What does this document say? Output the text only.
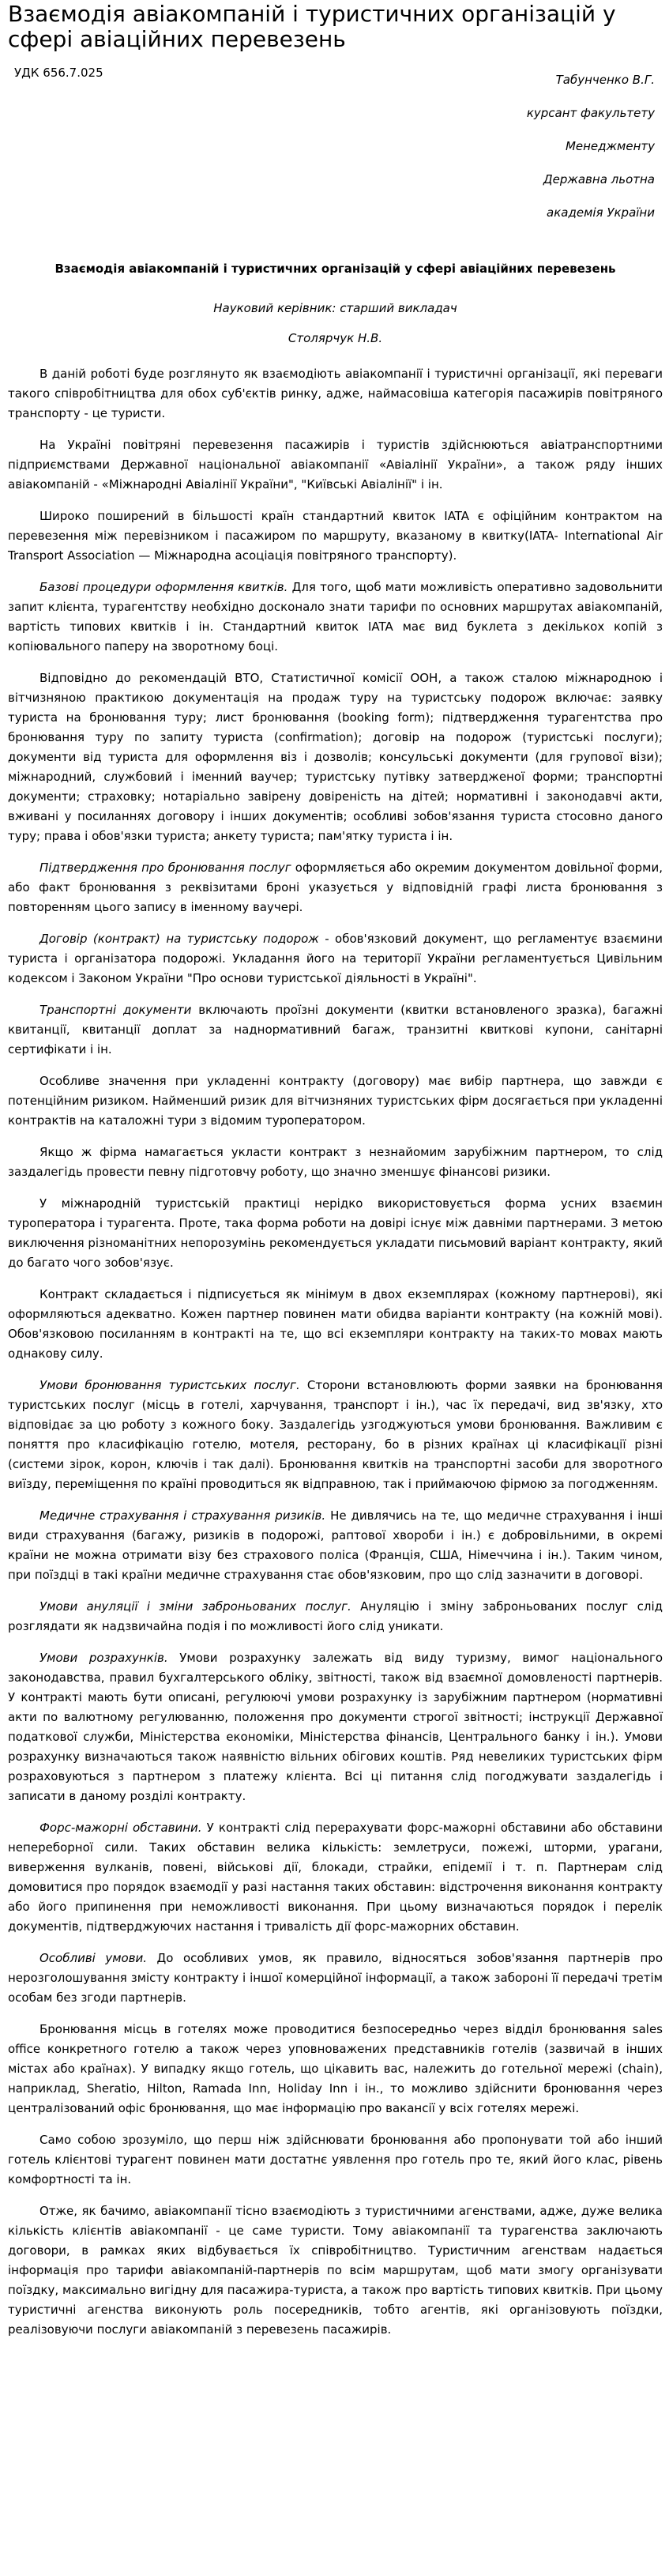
Взаємодія авіакомпаній і туристичних організацій у сфері авіаційних перевезень
УДК 656.7.025	Табунченко В.Г.
курсант факультету
Менеджменту
Державна льотна
академія України
Взаємодія авіакомпаній і туристичних організацій у сфері авіаційних перевезень

Науковий керівник: старший викладач

Столярчук Н.В.

В даній роботі буде розглянуто як взаємодіють авіакомпанії і туристичні організації, які переваги такого співробітництва для обох суб'єктів ринку, адже, наймасовіша категорія пасажирів повітряного транспорту - це туристи.

На Україні повітряні перевезення пасажирів і туристів здійснюються авіатранспортними підприємствами Державної національної авіакомпанії «Авіалінії України», а також ряду інших авіакомпаній - «Міжнародні Авіалінії України", "Київські Авіалінії" і ін.

Широко поширений в більшості країн стандартний квиток IATA є офіційним контрактом на перевезення між перевізником і пасажиром по маршруту, вказаному в квитку(IATA- International Air Transport Association — Міжнародна асоціація повітряного транспорту).

Базові процедури оформлення квитків. Для того, щоб мати можливість оперативно задовольнити запит клієнта, турагентству необхідно досконало знати тарифи по основних маршрутах авіакомпаній, вартість типових квитків і ін. Стандартний квиток IATA має вид буклета з декількох копій з копіювального паперу на зворотному боці.

Відповідно до рекомендацій ВТО, Статистичної комісії ООН, а також сталою міжнародною і вітчизняною практикою документація на продаж туру на туристську подорож включає: заявку туриста на бронювання туру; лист бронювання (booking form); підтвердження турагентства про бронювання туру по запиту туриста (confirmation); договір на подорож (туристські послуги); документи від туриста для оформлення віз і дозволів; консульські документи (для групової візи); міжнародний, службовий і іменний ваучер; туристську путівку затвердженої форми; транспортні документи; страховку; нотаріально завірену довіреність на дітей; нормативні і законодавчі акти, вживані у посиланнях договору і інших документів; особливі зобов'язання туриста стосовно даного туру; права і обов'язки туриста; анкету туриста; пам'ятку туриста і ін.

Підтвердження про бронювання послуг оформляється або окремим документом довільної форми, або факт бронювання з реквізитами броні указується у відповідній графі листа бронювання з повторенням цього запису в іменному ваучері.

Договір (контракт) на туристську подорож - обов'язковий документ, що регламентує взаємини туриста і організатора подорожі. Укладання його на території України регламентується Цивільним кодексом і Законом України "Про основи туристської діяльності в Україні".

Транспортні документи включають проїзні документи (квитки встановленого зразка), багажні квитанції, квитанції доплат за наднормативний багаж, транзитні квиткові купони, санітарні сертифікати і ін.

Особливе значення при укладенні контракту (договору) має вибір партнера, що завжди є потенційним ризиком. Найменший ризик для вітчизняних туристських фірм досягається при укладенні контрактів на каталожні тури з відомим туроператором.

Якщо ж фірма намагається укласти контракт з незнайомим зарубіжним партнером, то слід заздалегідь провести певну підготовчу роботу, що значно зменшує фінансові ризики.

У міжнародній туристській практиці нерідко використовується форма усних взаємин туроператора і турагента. Проте, така форма роботи на довірі існує між давніми партнерами. З метою виключення різноманітних непорозумінь рекомендується укладати письмовий варіант контракту, який до багато чого зобов'язує.

Контракт складається і підписується як мінімум в двох екземплярах (кожному партнерові), які оформляються адекватно. Кожен партнер повинен мати обидва варіанти контракту (на кожній мові). Обов'язковою посиланням в контракті на те, що всі екземпляри контракту на таких-то мовах мають однакову силу.

Умови бронювання туристських послуг. Сторони встановлюють форми заявки на бронювання туристських послуг (місць в готелі, харчування, транспорт і ін.), час їх передачі, вид зв'язку, хто відповідає за цю роботу з кожного боку. Заздалегідь узгоджуються умови бронювання. Важливим є поняття про класифікацію готелю, мотеля, ресторану, бо в різних країнах ці класифікації різні (системи зірок, корон, ключів і так далі). Бронювання квитків на транспортні засоби для зворотного виїзду, переміщення по країні проводиться як відправною, так і приймаючою фірмою за погодженням.

Медичне страхування і страхування ризиків. Не дивлячись на те, що медичне страхування і інші види страхування (багажу, ризиків в подорожі, раптової хвороби і ін.) є добровільними, в окремі країни не можна отримати візу без страхового поліса (Франція, США, Німеччина і ін.). Таким чином, при поїздці в такі країни медичне страхування стає обов'язковим, про що слід зазначити в договорі.

Умови ануляції і зміни заброньованих послуг. Ануляцію і зміну заброньованих послуг слід розглядати як надзвичайна подія і по можливості його слід уникати.

Умови розрахунків. Умови розрахунку залежать від виду туризму, вимог національного законодавства, правил бухгалтерського обліку, звітності, також від взаємної домовленості партнерів. У контракті мають бути описані, регулюючі умови розрахунку із зарубіжним партнером (нормативні акти по валютному регулюванню, положення про документи строгої звітності; інструкції Державної податкової служби, Міністерства економіки, Міністерства фінансів, Центрального банку і ін.). Умови розрахунку визначаються також наявністю вільних обігових коштів. Ряд невеликих туристських фірм розраховуються з партнером з платежу клієнта. Всі ці питання слід погоджувати заздалегідь і записати в даному розділі контракту.

Форс-мажорні обставини. У контракті слід перерахувати форс-мажорні обставини або обставини непереборної сили. Таких обставин велика кількість: землетруси, пожежі, шторми, урагани, виверження вулканів, повені, військові дії, блокади, страйки, епідемії і т. п. Партнерам слід домовитися про порядок взаємодії у разі настання таких обставин: відстрочення виконання контракту або його припинення при неможливості виконання. При цьому визначаються порядок і перелік документів, підтверджуючих настання і тривалість дії форс-мажорних обставин.

Особливі умови. До особливих умов, як правило, відносяться зобов'язання партнерів про нерозголошування змісту контракту і іншої комерційної інформації, а також заборонi її передачі третім особам без згоди партнерів.

Бронювання місць в готелях може проводитися безпосередньо через відділ бронювання sales office конкретного готелю а також через уповноважених представників готелів (зазвичай в інших містах або країнах). У випадку якщо готель, що цікавить вас, належить до готельної мережі (chain), наприклад, Sheratio, Hilton, Ramada Inn, Holiday Inn і ін., то можливо здійснити бронювання через централізований офіс бронювання, що має інформацію про вакансії у всіх готелях мережі.

Само собою зрозуміло, що перш ніж здійснювати бронювання або пропонувати той або інший готель клієнтові турагент повинен мати достатнє уявлення про готель про те, який його клас, рівень комфортності та ін.

Отже, як бачимо, авіакомпанії тісно взаємодіють з туристичними агенствами, адже, дуже велика кількість клієнтів авіакомпанії - це саме туристи. Тому авіакомпанії та турагенства заключають договори, в рамках яких відбувається їх співробітництво. Туристичним агенствам надається інформація про тарифи авіакомпаній-партнерів по всім маршрутам, щоб мати змогу організувати поїздку, максимально вигідну для пасажира-туриста, а також про вартість типових квитків. При цьому туристичні агенства виконують роль посередників, тобто агентів, які організовують поїздки, реалізовуючи послуги авіакомпаній з перевезень пасажирів.
